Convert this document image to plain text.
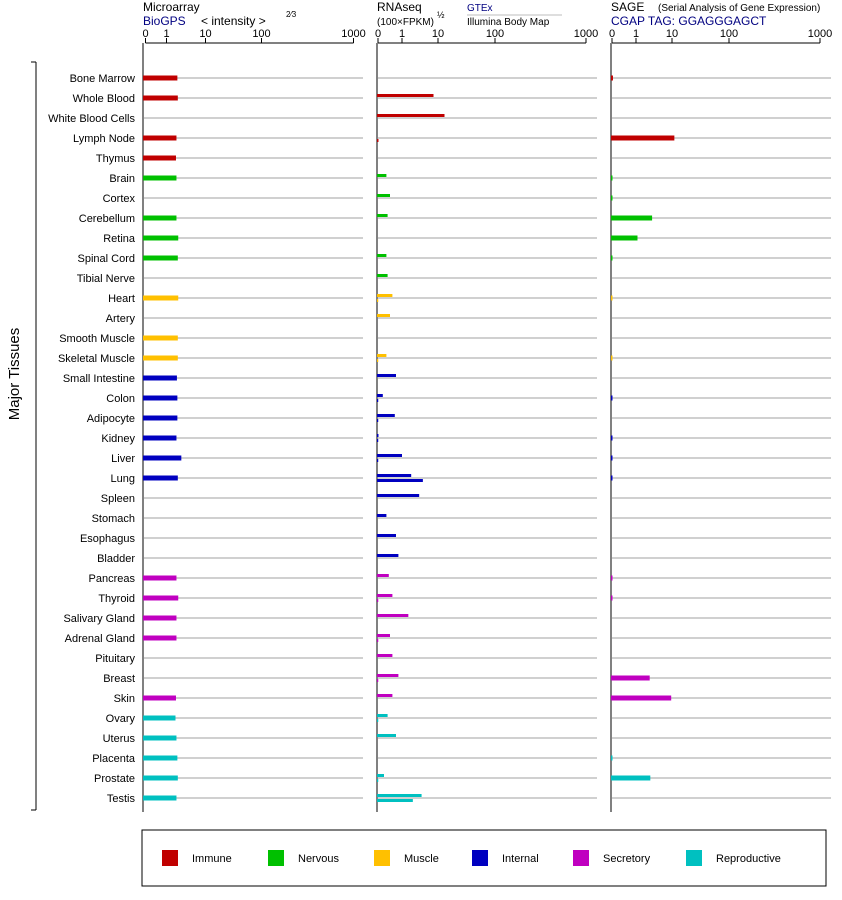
Microarray
BioGPS < intensity >	2⁄3
RNAseq
(100×FPKM)
½
GTEx
Illumina Body Map
SAGE (Serial Analysis of Gene Expression)
CGAP TAG: GGAGGGAGCT
Major Tissues
0 1	10	100	1000 0 1 10	100	1000 0 1 10	100	1000
Bone Marrow
Whole Blood
White Blood Cells
Lymph Node
Thymus
Brain
Cortex
Cerebellum
Retina
Spinal Cord
Tibial Nerve
Heart
Artery
Smooth Muscle
Skeletal Muscle
Small Intestine
Colon
Adipocyte
Kidney
Liver
Lung
Spleen
Stomach
Esophagus
Bladder
Pancreas
Thyroid
Salivary Gland
Adrenal Gland
Pituitary
Breast
Skin
Ovary
Uterus
Placenta
Prostate
Testis
Immune	Nervous	Muscle	Internal	Secretory	Reproductive
